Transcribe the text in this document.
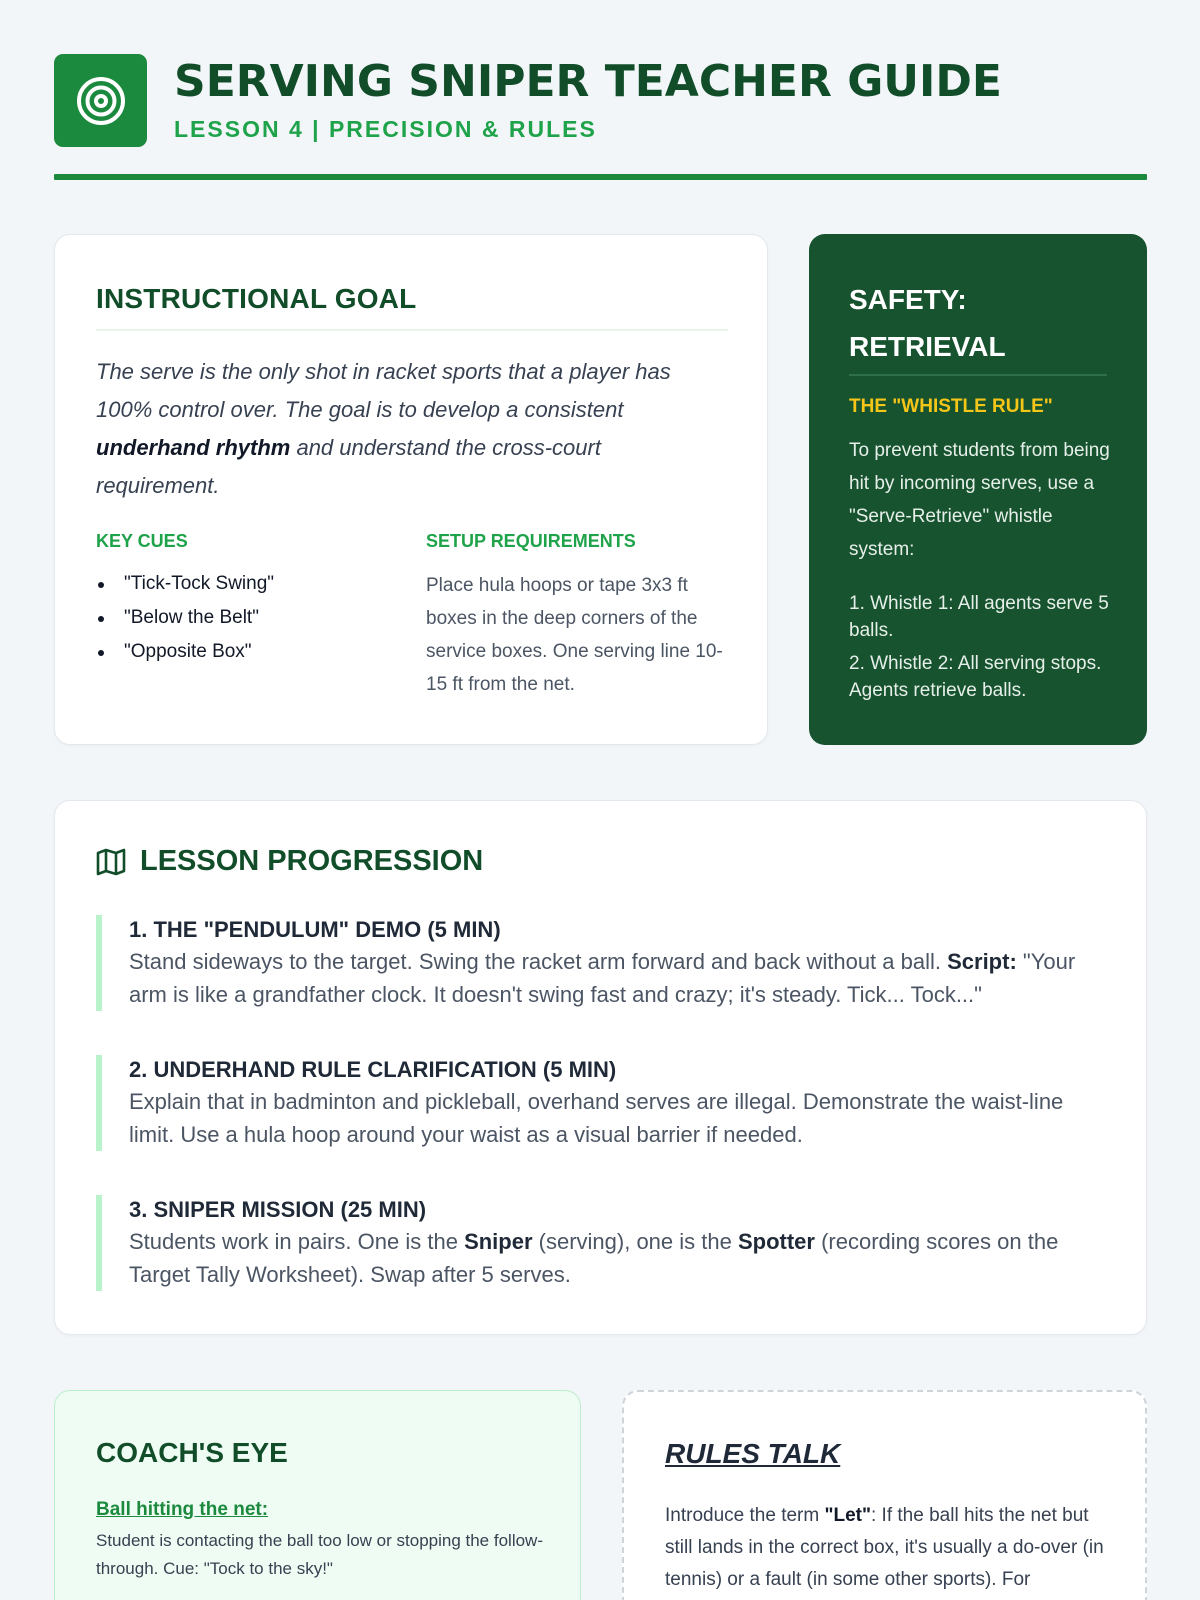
SERVING SNIPER TEACHER GUIDE
LESSON 4 | PRECISION & RULES
INSTRUCTIONAL GOAL

The serve is the only shot in racket sports that a player has 100% control over. The goal is to develop a consistent underhand rhythm and understand the cross-court requirement.

KEY CUES
"Tick-Tock Swing"
"Below the Belt"
"Opposite Box"
SETUP REQUIREMENTS

Place hula hoops or tape 3x3 ft boxes in the deep corners of the service boxes. One serving line 10-15 ft from the net.

SAFETY: RETRIEVAL
THE "WHISTLE RULE"

To prevent students from being hit by incoming serves, use a "Serve-Retrieve" whistle system:

1. Whistle 1: All agents serve 5 balls.
2. Whistle 2: All serving stops. Agents retrieve balls.
LESSON PROGRESSION
1. THE "PENDULUM" DEMO (5 MIN)

Stand sideways to the target. Swing the racket arm forward and back without a ball. Script: "Your arm is like a grandfather clock. It doesn't swing fast and crazy; it's steady. Tick... Tock..."

2. UNDERHAND RULE CLARIFICATION (5 MIN)

Explain that in badminton and pickleball, overhand serves are illegal. Demonstrate the waist-line limit. Use a hula hoop around your waist as a visual barrier if needed.

3. SNIPER MISSION (25 MIN)

Students work in pairs. One is the Sniper (serving), one is the Spotter (recording scores on the Target Tally Worksheet). Swap after 5 serves.

COACH'S EYE
Ball hitting the net:

Student is contacting the ball too low or stopping the follow-through. Cue: "Tock to the sky!"

RULES TALK

Introduce the term "Let": If the ball hits the net but still lands in the correct box, it's usually a do-over (in tennis) or a fault (in some other sports). For
